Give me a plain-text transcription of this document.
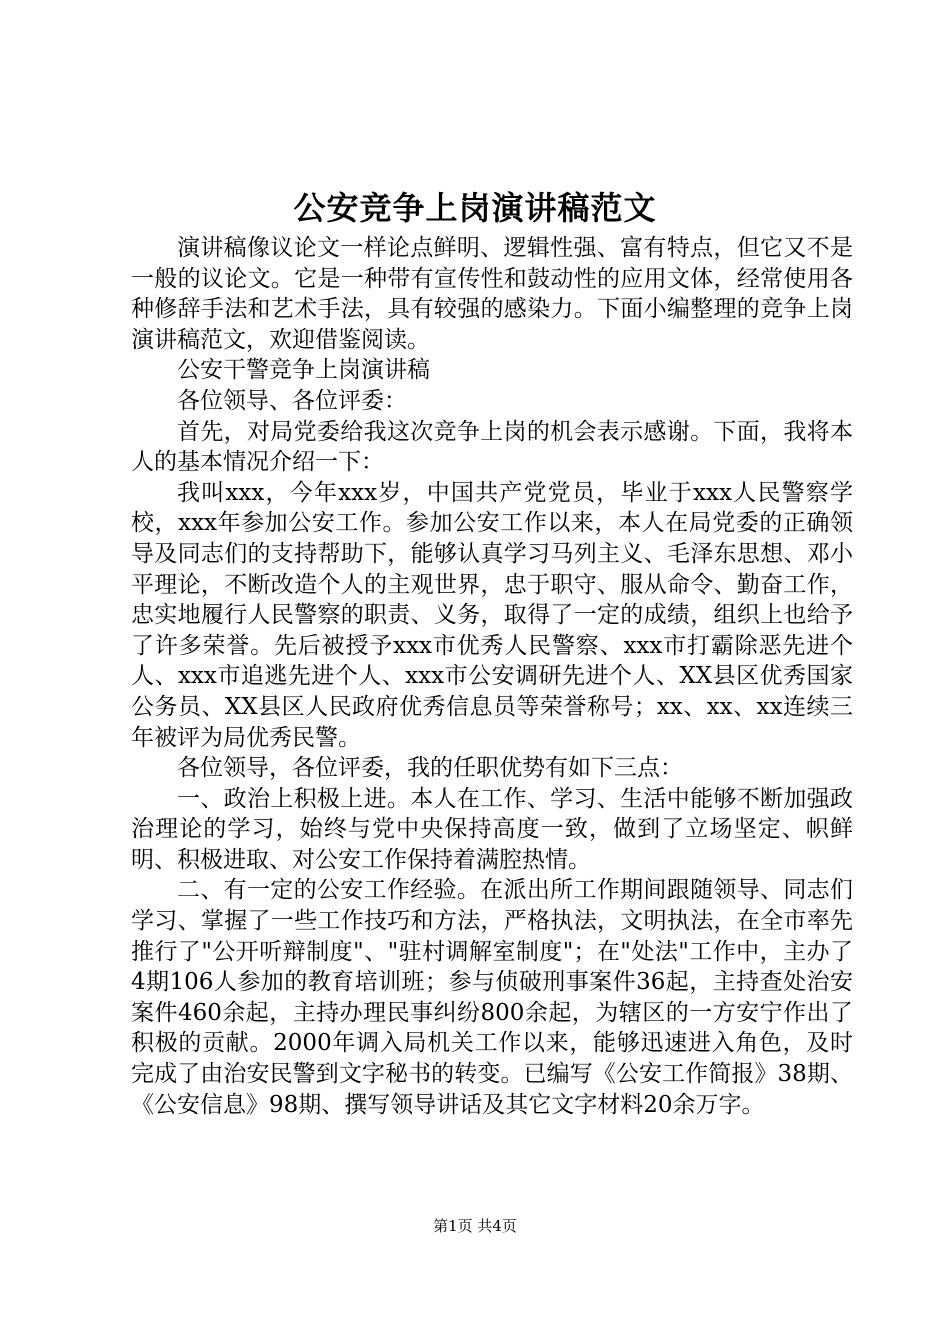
公安竞争上岗演讲稿范文

演讲稿像议论文一样论点鲜明、逻辑性强、富有特点，但它又不是一般的议论文。它是一种带有宣传性和鼓动性的应用文体，经常使用各种修辞手法和艺术手法，具有较强的感染力。下面小编整理的竞争上岗演讲稿范文，欢迎借鉴阅读。

公安干警竞争上岗演讲稿

各位领导、各位评委：

首先，对局党委给我这次竞争上岗的机会表示感谢。下面，我将本人的基本情况介绍一下：

我叫xxx，今年xxx岁，中国共产党党员，毕业于xxx人民警察学校，xxx年参加公安工作。参加公安工作以来，本人在局党委的正确领导及同志们的支持帮助下，能够认真学习马列主义、毛泽东思想、邓小平理论，不断改造个人的主观世界，忠于职守、服从命令、勤奋工作，忠实地履行人民警察的职责、义务，取得了一定的成绩，组织上也给予了许多荣誉。先后被授予xxx市优秀人民警察、xxx市打霸除恶先进个人、xxx市追逃先进个人、xxx市公安调研先进个人、XX县区优秀国家公务员、XX县区人民政府优秀信息员等荣誉称号；xx、xx、xx连续三年被评为局优秀民警。

各位领导，各位评委，我的任职优势有如下三点：

一、政治上积极上进。本人在工作、学习、生活中能够不断加强政治理论的学习，始终与党中央保持高度一致，做到了立场坚定、帜鲜明、积极进取、对公安工作保持着满腔热情。

二、有一定的公安工作经验。在派出所工作期间跟随领导、同志们学习、掌握了一些工作技巧和方法，严格执法，文明执法，在全市率先推行了"公开听辩制度"、"驻村调解室制度"；在"处法"工作中，主办了4期106人参加的教育培训班；参与侦破刑事案件36起，主持查处治安案件460余起，主持办理民事纠纷800余起，为辖区的一方安宁作出了积极的贡献。2000年调入局机关工作以来，能够迅速进入角色，及时完成了由治安民警到文字秘书的转变。已编写《公安工作简报》38期、《公安信息》98期、撰写领导讲话及其它文字材料20余万字。

第1页 共4页
